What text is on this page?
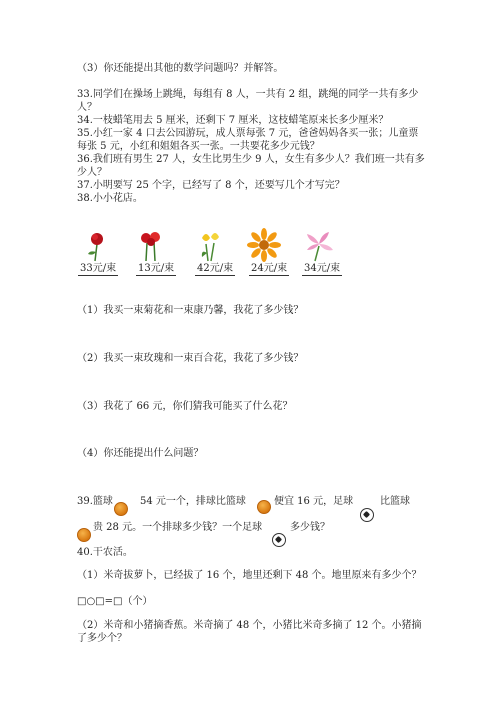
（3）你还能提出其他的数学问题吗？并解答。
33.同学们在操场上跳绳，每组有 8 人，一共有 2 组，跳绳的同学一共有多少人？
34.一枝蜡笔用去 5 厘米，还剩下 7 厘米，这枝蜡笔原来长多少厘米？
35.小红一家 4 口去公园游玩，成人票每张 7 元，爸爸妈妈各买一张；儿童票每张 5 元，小红和姐姐各买一张。一共要花多少元钱？
36.我们班有男生 27 人，女生比男生少 9 人，女生有多少人？我们班一共有多少人？
37.小明要写 25 个字，已经写了 8 个，还要写几个才写完？
38.小小花店。
33元/束 13元/束 42元/束 24元/束 34元/束
（1）我买一束菊花和一束康乃馨，我花了多少钱？
（2）我买一束玫瑰和一束百合花，我花了多少钱？
（3）我花了 66 元，你们猜我可能买了什么花？
（4）你还能提出什么问题？
39.篮球	54 元一个，排球比篮球	便宜 16 元，足球	比篮球
贵 28 元。一个排球多少钱？一个足球	多少钱？
40.干农活。
（1）米奇拔萝卜，已经拔了 16 个，地里还剩下 48 个。地里原来有多少个？
□○□=□（个）
（2）米奇和小猪摘香蕉。米奇摘了 48 个，小猪比米奇多摘了 12 个。小猪摘了多少个？
